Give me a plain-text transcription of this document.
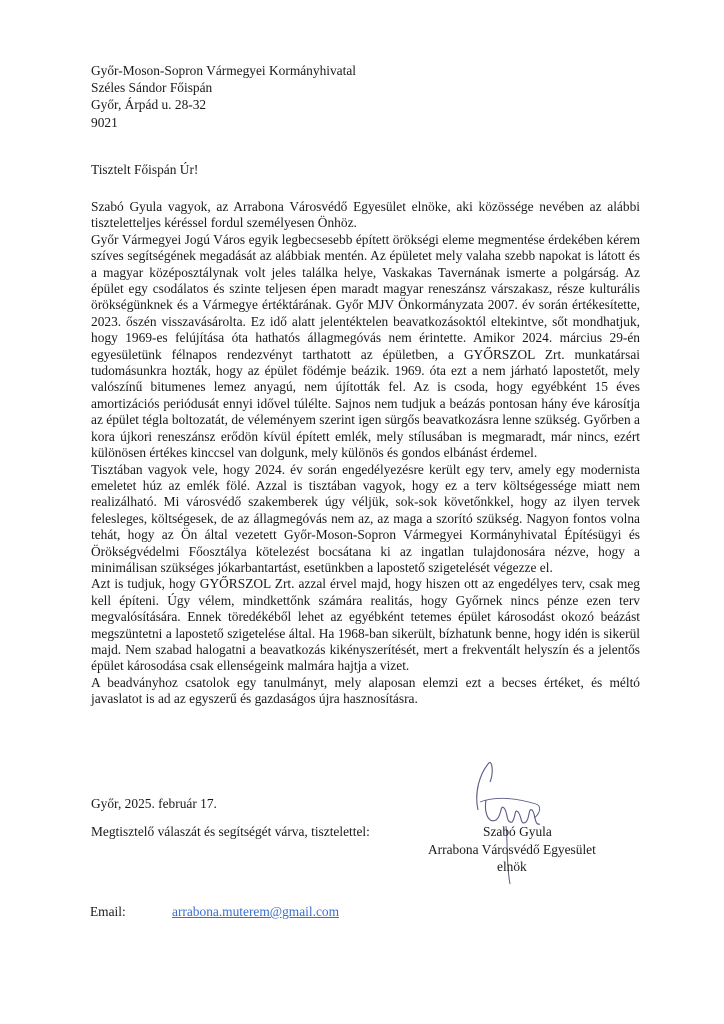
Győr-Moson-Sopron Vármegyei Kormányhivatal
Széles Sándor Főispán
Győr, Árpád u. 28-32
9021
Tisztelt Főispán Úr!

Szabó Gyula vagyok, az Arrabona Városvédő Egyesület elnöke, aki közössége nevében az alábbi tiszteletteljes kéréssel fordul személyesen Önhöz.

Győr Vármegyei Jogú Város egyik legbecsesebb épített örökségi eleme megmentése érdekében kérem szíves segítségének megadását az alábbiak mentén. Az épületet mely valaha szebb napokat is látott és a magyar középosztálynak volt jeles találka helye, Vaskakas Tavernának ismerte a polgárság. Az épület egy csodálatos és szinte teljesen épen maradt magyar reneszánsz várszakasz, része kulturális örökségünknek és a Vármegye értéktárának. Győr MJV Önkormányzata 2007. év során értékesítette, 2023. őszén visszavásárolta. Ez idő alatt jelentéktelen beavatkozásoktól eltekintve, sőt mondhatjuk, hogy 1969-es felújítása óta hathatós állagmegóvás nem érintette. Amikor 2024. március 29-én egyesületünk félnapos rendezvényt tarthatott az épületben, a GYŐRSZOL Zrt. munkatársai tudomásunkra hozták, hogy az épület födémje beázik. 1969. óta ezt a nem járható lapostetőt, mely valószínű bitumenes lemez anyagú, nem újították fel. Az is csoda, hogy egyébként 15 éves amortizációs periódusát ennyi idővel túlélte. Sajnos nem tudjuk a beázás pontosan hány éve károsítja az épület tégla boltozatát, de véleményem szerint igen sürgős beavatkozásra lenne szükség. Győrben a kora újkori reneszánsz erődön kívül épített emlék, mely stílusában is megmaradt, már nincs, ezért különösen értékes kinccsel van dolgunk, mely különös és gondos elbánást érdemel.

Tisztában vagyok vele, hogy 2024. év során engedélyezésre került egy terv, amely egy modernista emeletet húz az emlék fölé. Azzal is tisztában vagyok, hogy ez a terv költségessége miatt nem realizálható. Mi városvédő szakemberek úgy véljük, sok-sok követőnkkel, hogy az ilyen tervek felesleges, költségesek, de az állagmegóvás nem az, az maga a szorító szükség. Nagyon fontos volna tehát, hogy az Ön által vezetett Győr-Moson-Sopron Vármegyei Kormányhivatal Építésügyi és Örökségvédelmi Főosztálya kötelezést bocsátana ki az ingatlan tulajdonosára nézve, hogy a minimálisan szükséges jókarbantartást, esetünkben a lapostető szigetelését végezze el.

Azt is tudjuk, hogy GYŐRSZOL Zrt. azzal érvel majd, hogy hiszen ott az engedélyes terv, csak meg kell építeni. Úgy vélem, mindkettőnk számára realitás, hogy Győrnek nincs pénze ezen terv megvalósítására. Ennek töredékéből lehet az egyébként tetemes épület károsodást okozó beázást megszüntetni a lapostető szigetelése által. Ha 1968-ban sikerült, bízhatunk benne, hogy idén is sikerül majd. Nem szabad halogatni a beavatkozás kikényszerítését, mert a frekventált helyszín és a jelentős épület károsodása csak ellenségeink malmára hajtja a vizet.

A beadványhoz csatolok egy tanulmányt, mely alaposan elemzi ezt a becses értéket, és méltó javaslatot is ad az egyszerű és gazdaságos újra hasznosításra.

Győr, 2025. február 17.
Megtisztelő válaszát és segítségét várva, tisztelettel:	Szabó Gyula
Arrabona Városvédő Egyesület
elnök
Email:	arrabona.muterem@gmail.com
